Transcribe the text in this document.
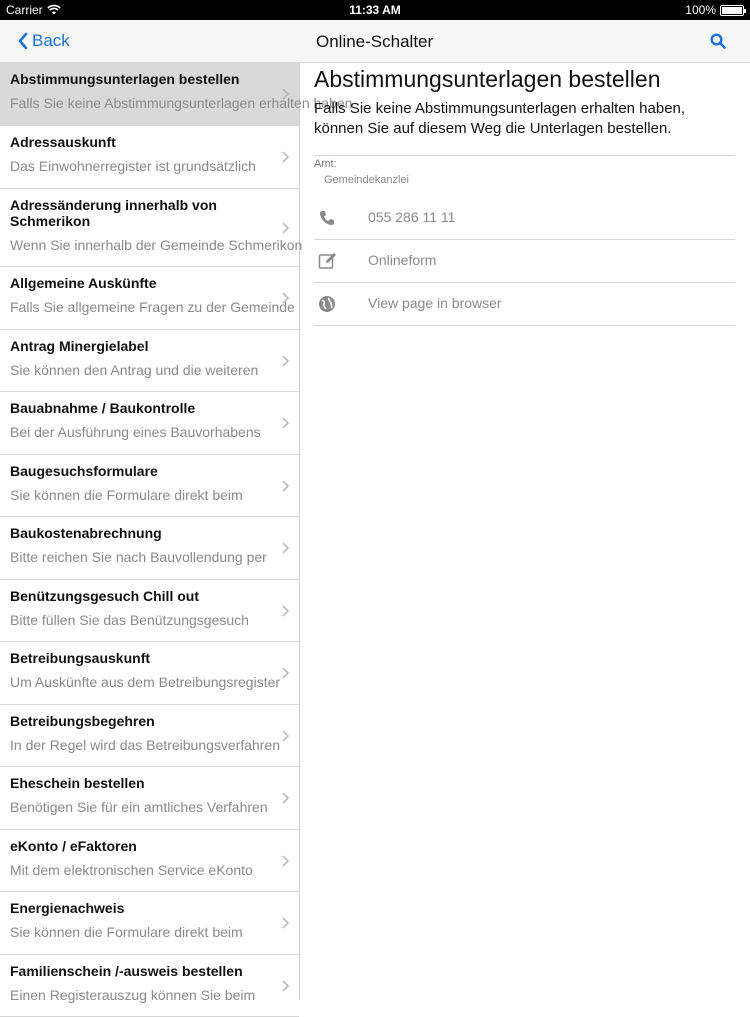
Carrier	11:33 AM	100%
Back	Online-Schalter
Abstimmungsunterlagen bestellen
Falls Sie keine Abstimmungsunterlagen erhalten haben
Adressauskunft
Das Einwohnerregister ist grundsätzlich
Adressänderung innerhalb von Schmerikon
Wenn Sie innerhalb der Gemeinde Schmerikon
Allgemeine Auskünfte
Falls Sie allgemeine Fragen zu der Gemeinde
Antrag Minergielabel
Sie können den Antrag und die weiteren
Bauabnahme / Baukontrolle
Bei der Ausführung eines Bauvorhabens
Baugesuchsformulare
Sie können die Formulare direkt beim
Baukostenabrechnung
Bitte reichen Sie nach Bauvollendung per
Benützungsgesuch Chill out
Bitte füllen Sie das Benützungsgesuch
Betreibungsauskunft
Um Auskünfte aus dem Betreibungsregister
Betreibungsbegehren
In der Regel wird das Betreibungsverfahren
Eheschein bestellen
Benötigen Sie für ein amtliches Verfahren
eKonto / eFaktoren
Mit dem elektronischen Service eKonto
Energienachweis
Sie können die Formulare direkt beim
Familienschein /-ausweis bestellen
Einen Registerauszug können Sie beim
Abstimmungsunterlagen bestellen
Falls Sie keine Abstimmungsunterlagen erhalten haben, können Sie auf diesem Weg die Unterlagen bestellen.
Amt:
Gemeindekanzlei
055 286 11 11
Onlineform
View page in browser
